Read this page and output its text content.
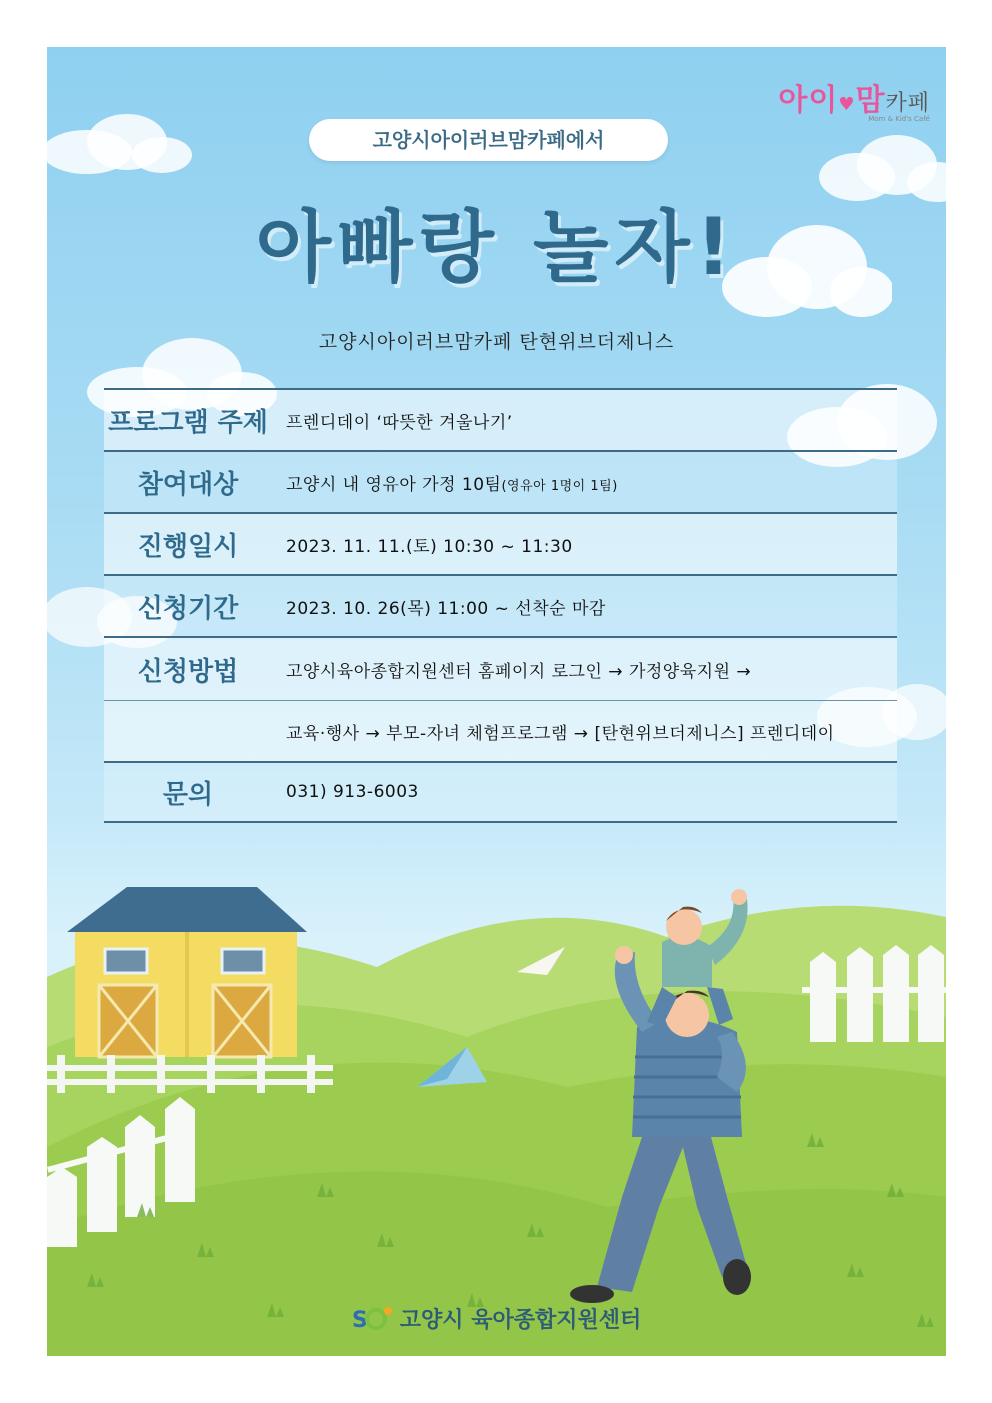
아이♥맘카페
Mom & Kid's Café
고양시아이러브맘카페에서
아빠랑 놀자!
고양시아이러브맘카페 탄현위브더제니스
프로그램 주제	프렌디데이 ‘따뜻한 겨울나기’
참여대상	고양시 내 영유아 가정 10팀(영유아 1명이 1팀)
진행일시	2023. 11. 11.(토) 10:30 ~ 11:30
신청기간	2023. 10. 26(목) 11:00 ~ 선착순 마감
신청방법	고양시육아종합지원센터 홈페이지 로그인 → 가정양육지원 →
교육·행사 → 부모-자녀 체험프로그램 → [탄현위브더제니스] 프렌디데이
문의	031) 913-6003
S 고양시 육아종합지원센터
